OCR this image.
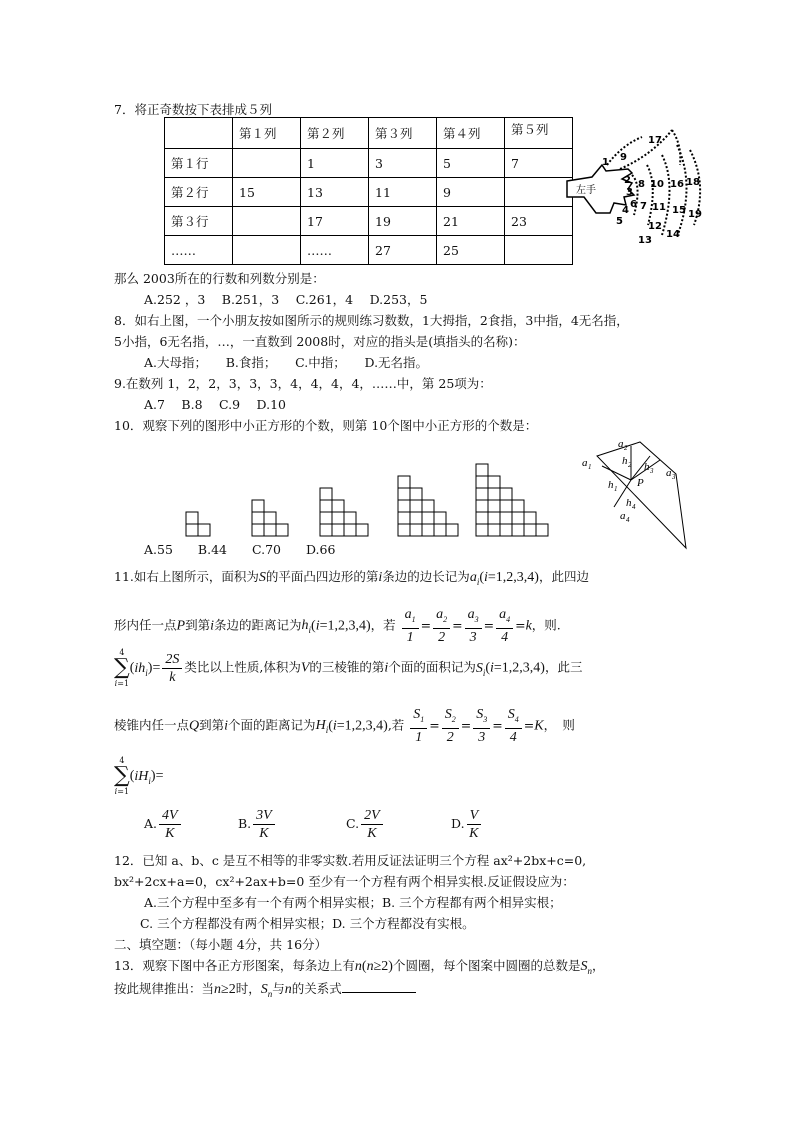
7．将正奇数按下表排成５列
	第１列	第２列	第３列	第４列	第５列
第１行		1	3	5	7
第２行	15	13	11	9	
第３行		17	19	21	23
……		……	27	25	
左手
1
2
3
4
5
6 7
8
9
10
11
12
13
14
15
16
17
18
19
那么 2003所在的行数和列数分别是：
A.252 ，3　 B.251，3　 C.261，4　 D.253，5
8．如右上图，一个小朋友按如图所示的规则练习数数，1大拇指，2食指，3中指，4无名指，
5小指，6无名指，…，一直数到 2008时，对应的指头是(填指头的名称)：
A.大母指；　　B.食指；　　C.中指；　　D.无名指。
9.在数列 1，2，2，3，3，3，4，4，4，4，……中，第 25项为：
A.7　 B.8　 C.9　 D.10
10．观察下列的图形中小正方形的个数，则第 10个图中小正方形的个数是：
A.55　　B.44　　C.70　　D.66
a 2
a 1	a 3
a 4
h 2
h 1
h 3
h 4
P
11.如右上图所示，面积为S的平面凸四边形的第i条边的边长记为$a_i(i=1,2,3,4)$，此四边
形内任一点P到第i条边的距离记为$h_i(i=1,2,3,4)$，若 $\frac{a_1}{1} = \frac{a_2}{2} = \frac{a_3}{3} = \frac{a_4}{4} =k$，则.
4
∑
$i=1(ih_i)= \frac{2S}{k}$ 类比以上性质,体积为V的三棱锥的第i个面的面积记为$S_i(i=1,2,3,4)$，此三
棱锥内任一点Q到第i个面的距离记为$H_i(i=1,2,3,4)$,若 $\frac{S_1}{1} = \frac{S_2}{2} = \frac{S_3}{3} = \frac{S_4}{4} =K$，　则
4
∑
$i=1(iH_i)=$
A. $\frac{4V}{K}$	B. $\frac{3V}{K}$	C. $\frac{2V}{K}$	D. $\frac{V}{K}$
12．已知 a、b、c 是互不相等的非零实数.若用反证法证明三个方程 ax²+2bx+c=0,
bx²+2cx+a=0，cx²+2ax+b=0 至少有一个方程有两个相异实根.反证假设应为：
A.三个方程中至多有一个有两个相异实根；B. 三个方程都有两个相异实根；
C. 三个方程都没有两个相异实根；D. 三个方程都没有实根。
二、填空题：（每小题 4分，共 16分）
13．观察下图中各正方形图案，每条边上有n(n≥2)个圆圈，每个图案中圆圈的总数是$S_n$，
按此规律推出：当n≥2时，$S_n$与n的关系式
